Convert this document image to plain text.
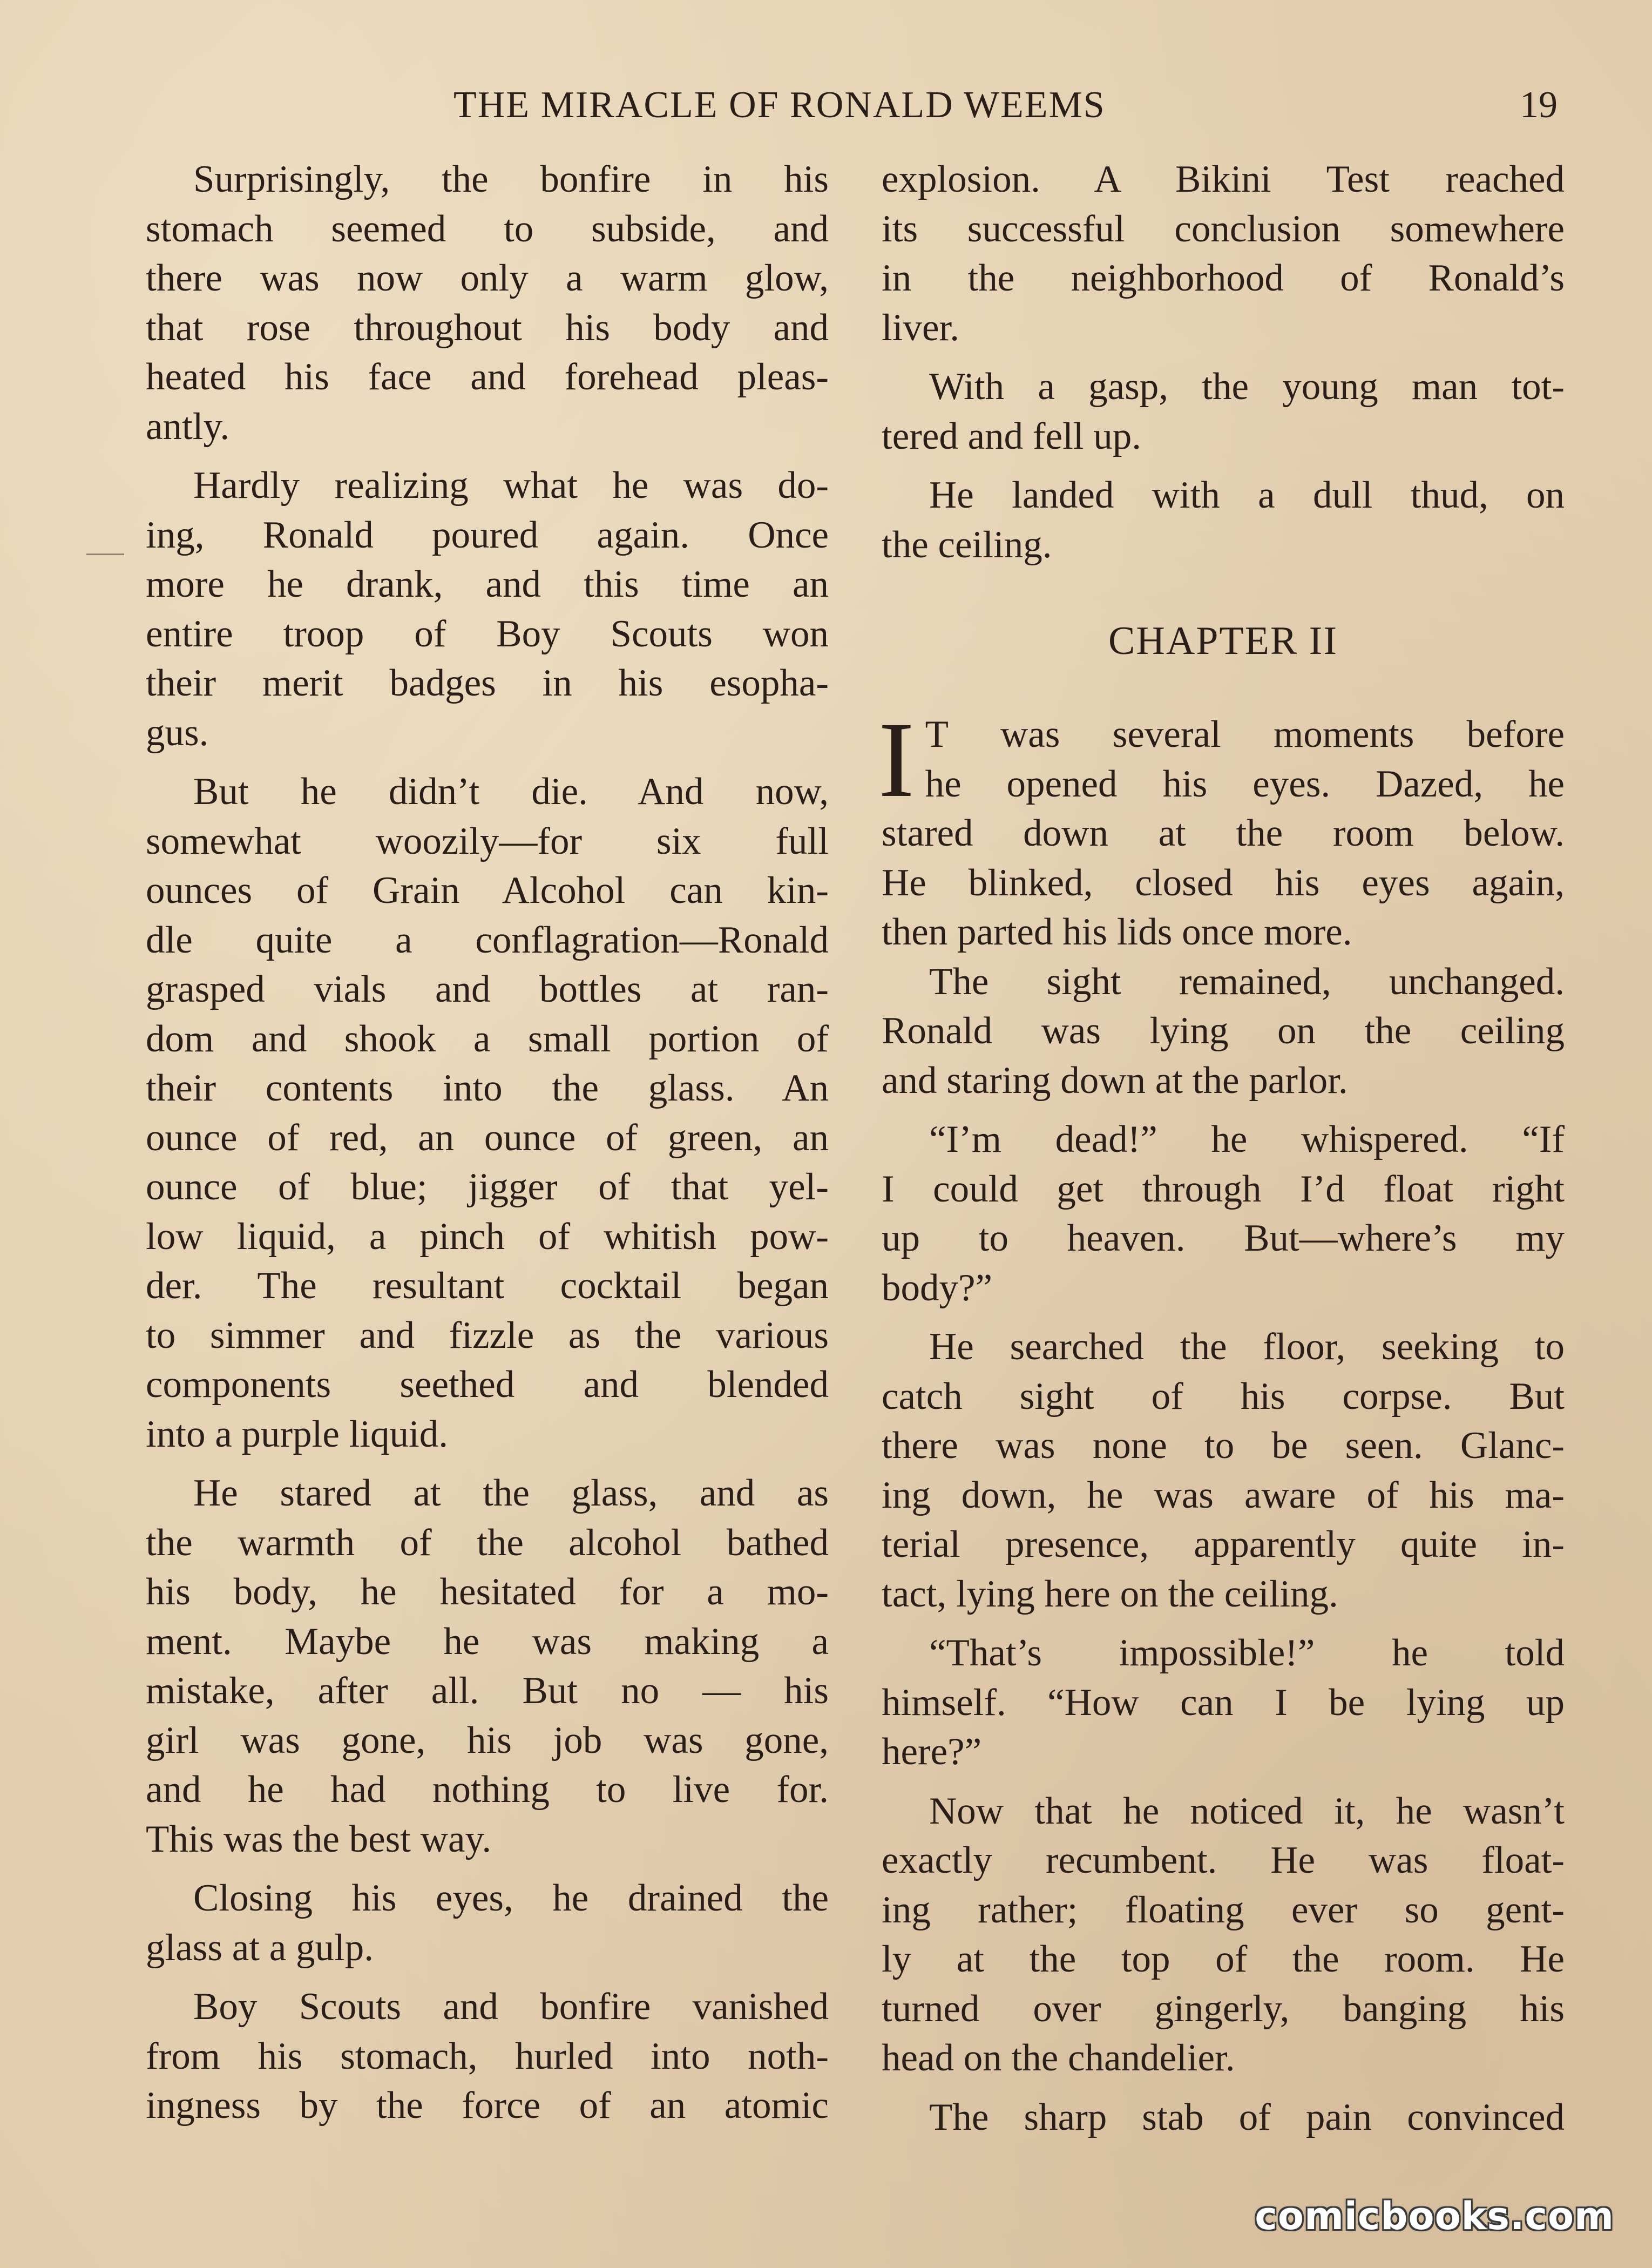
THE MIRACLE OF RONALD WEEMS	19

Surprisingly, the bonfire in his
stomach seemed to subside, and
there was now only a warm glow,
that rose throughout his body and
heated his face and forehead pleas-
antly.

Hardly realizing what he was do-
ing, Ronald poured again. Once
more he drank, and this time an
entire troop of Boy Scouts won
their merit badges in his esopha-
gus.

But he didn’t die. And now,
somewhat woozily—for six full
ounces of Grain Alcohol can kin-
dle quite a conflagration—Ronald
grasped vials and bottles at ran-
dom and shook a small portion of
their contents into the glass. An
ounce of red, an ounce of green, an
ounce of blue; jigger of that yel-
low liquid, a pinch of whitish pow-
der. The resultant cocktail began
to simmer and fizzle as the various
components seethed and blended
into a purple liquid.

He stared at the glass, and as
the warmth of the alcohol bathed
his body, he hesitated for a mo-
ment. Maybe he was making a
mistake, after all. But no — his
girl was gone, his job was gone,
and he had nothing to live for.
This was the best way.

Closing his eyes, he drained the
glass at a gulp.

Boy Scouts and bonfire vanished
from his stomach, hurled into noth-
ingness by the force of an atomic

explosion. A Bikini Test reached
its successful conclusion somewhere
in the neighborhood of Ronald’s
liver.

With a gasp, the young man tot-
tered and fell up.

He landed with a dull thud, on
the ceiling.

CHAPTER II

I T was several moments before
he opened his eyes. Dazed, he
stared down at the room below.
He blinked, closed his eyes again,
then parted his lids once more.

The sight remained, unchanged.
Ronald was lying on the ceiling
and staring down at the parlor.

“I’m dead!” he whispered. “If
I could get through I’d float right
up to heaven. But—where’s my
body?”

He searched the floor, seeking to
catch sight of his corpse. But
there was none to be seen. Glanc-
ing down, he was aware of his ma-
terial presence, apparently quite in-
tact, lying here on the ceiling.

“That’s impossible!” he told
himself. “How can I be lying up
here?”

Now that he noticed it, he wasn’t
exactly recumbent. He was float-
ing rather; floating ever so gent-
ly at the top of the room. He
turned over gingerly, banging his
head on the chandelier.

The sharp stab of pain convinced

comicbooks.com
